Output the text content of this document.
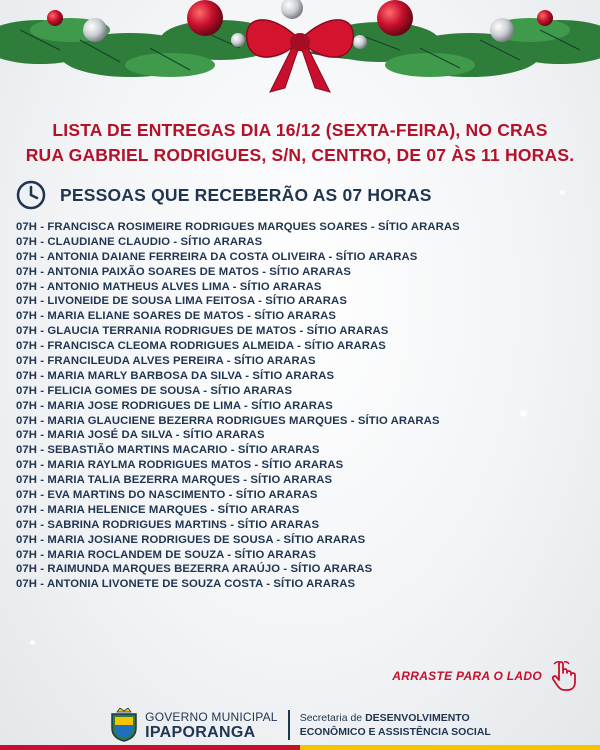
LISTA DE ENTREGAS DIA 16/12 (SEXTA-FEIRA), NO CRAS
RUA GABRIEL RODRIGUES, S/N, CENTRO, DE 07 ÀS 11 HORAS.
PESSOAS QUE RECEBERÃO AS 07 HORAS
07H - FRANCISCA ROSIMEIRE RODRIGUES MARQUES SOARES - SÍTIO ARARAS
07H - CLAUDIANE CLAUDIO - SÍTIO ARARAS
07H - ANTONIA DAIANE FERREIRA DA COSTA OLIVEIRA - SÍTIO ARARAS
07H - ANTONIA PAIXÃO SOARES DE MATOS - SÍTIO ARARAS
07H - ANTONIO MATHEUS ALVES LIMA - SÍTIO ARARAS
07H - LIVONEIDE DE SOUSA LIMA FEITOSA - SÍTIO ARARAS
07H - MARIA ELIANE SOARES DE MATOS - SÍTIO ARARAS
07H - GLAUCIA TERRANIA RODRIGUES DE MATOS - SÍTIO ARARAS
07H - FRANCISCA CLEOMA RODRIGUES ALMEIDA - SÍTIO ARARAS
07H - FRANCILEUDA ALVES PEREIRA - SÍTIO ARARAS
07H - MARIA MARLY BARBOSA DA SILVA - SÍTIO ARARAS
07H - FELICIA GOMES DE SOUSA - SÍTIO ARARAS
07H - MARIA JOSE RODRIGUES DE LIMA - SÍTIO ARARAS
07H - MARIA GLAUCIENE BEZERRA RODRIGUES MARQUES - SÍTIO ARARAS
07H - MARIA JOSÉ DA SILVA - SÍTIO ARARAS
07H - SEBASTIÃO MARTINS MACARIO - SÍTIO ARARAS
07H - MARIA RAYLMA RODRIGUES MATOS - SÍTIO ARARAS
07H - MARIA TALIA BEZERRA MARQUES - SÍTIO ARARAS
07H - EVA MARTINS DO NASCIMENTO - SÍTIO ARARAS
07H - MARIA HELENICE MARQUES - SÍTIO ARARAS
07H - SABRINA RODRIGUES MARTINS - SÍTIO ARARAS
07H - MARIA JOSIANE RODRIGUES DE SOUSA - SÍTIO ARARAS
07H - MARIA ROCLANDEM DE SOUZA - SÍTIO ARARAS
07H - RAIMUNDA MARQUES BEZERRA ARAÚJO - SÍTIO ARARAS
07H - ANTONIA LIVONETE DE SOUZA COSTA - SÍTIO ARARAS
ARRASTE PARA O LADO
GOVERNO MUNICIPAL
IPAPORANGA
Secretaria de DESENVOLVIMENTO
ECONÔMICO E ASSISTÊNCIA SOCIAL
